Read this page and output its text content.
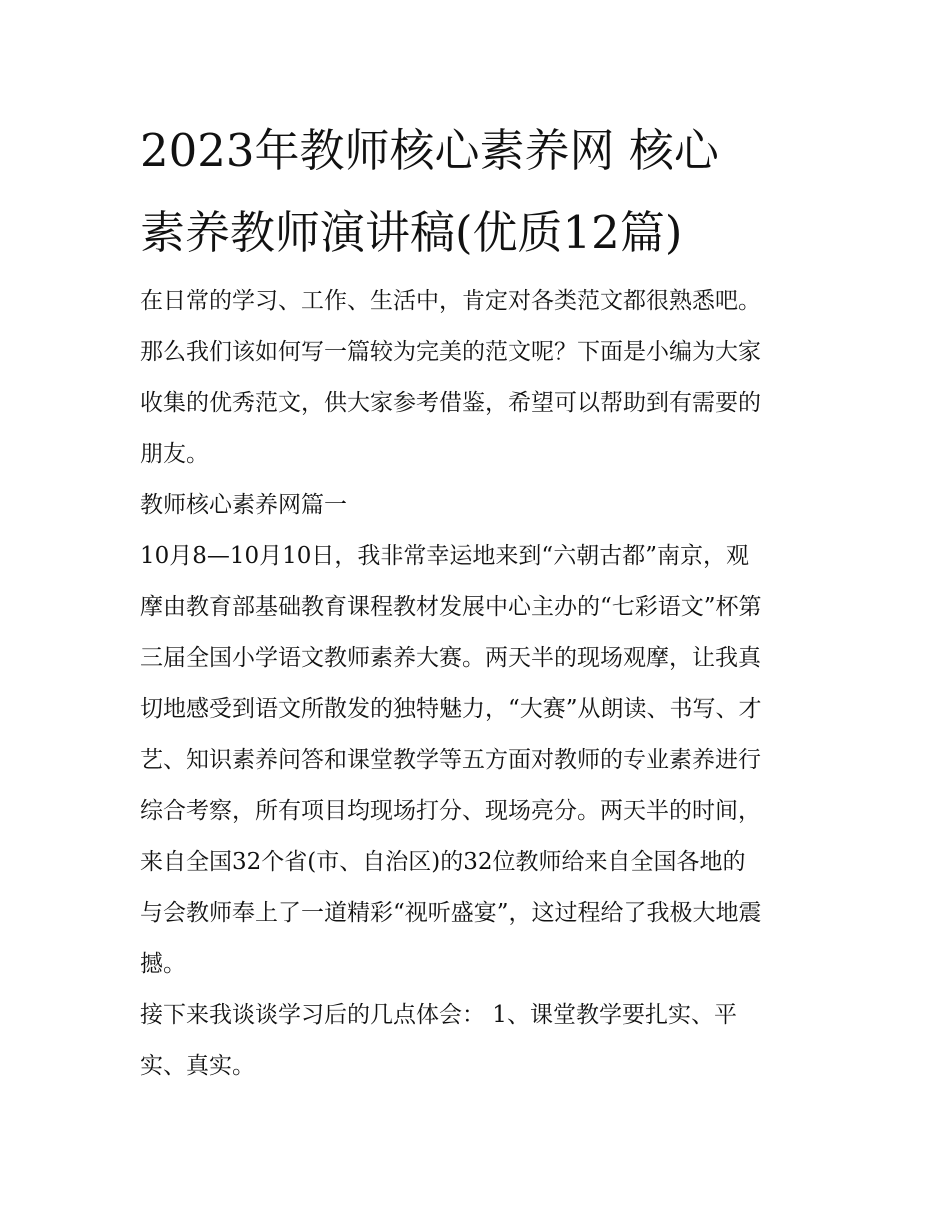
2023年教师核心素养网 核心
素养教师演讲稿(优质12篇)
在日常的学习、工作、生活中，肯定对各类范文都很熟悉吧。
那么我们该如何写一篇较为完美的范文呢？下面是小编为大家
收集的优秀范文，供大家参考借鉴，希望可以帮助到有需要的
朋友。
教师核心素养网篇一
10月8—10月10日，我非常幸运地来到“六朝古都”南京，观
摩由教育部基础教育课程教材发展中心主办的“七彩语文”杯第
三届全国小学语文教师素养大赛。两天半的现场观摩，让我真
切地感受到语文所散发的独特魅力，“大赛”从朗读、书写、才
艺、知识素养问答和课堂教学等五方面对教师的专业素养进行
综合考察，所有项目均现场打分、现场亮分。两天半的时间，
来自全国32个省(市、自治区)的32位教师给来自全国各地的
与会教师奉上了一道精彩“视听盛宴”，这过程给了我极大地震
撼。
接下来我谈谈学习后的几点体会： 1、课堂教学要扎实、平
实、真实。
